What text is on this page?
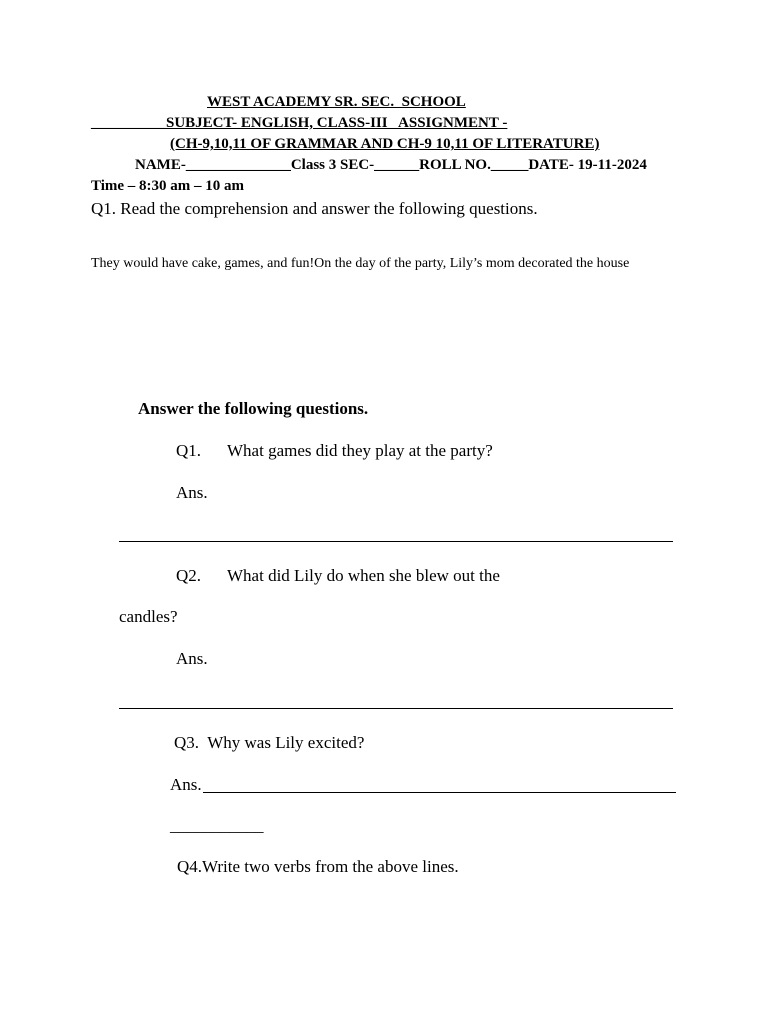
WEST ACADEMY SR. SEC.  SCHOOL
__________SUBJECT- ENGLISH, CLASS-III   ASSIGNMENT -
(CH-9,10,11 OF GRAMMAR AND CH-9 10,11 OF LITERATURE)
NAME-______________Class 3 SEC-______ROLL NO._____DATE- 19-11-2024
Time – 8:30 am – 10 am
Q1. Read the comprehension and answer the following questions.
They would have cake, games, and fun!On the day of the party, Lily’s mom decorated the house
Answer the following questions.
Q1. What games did they play at the party?
Ans.
Q2. What did Lily do when she blew out the
candles?
Ans.
Q3.  Why was Lily excited?
Ans.
___________
Q4.Write two verbs from the above lines.
